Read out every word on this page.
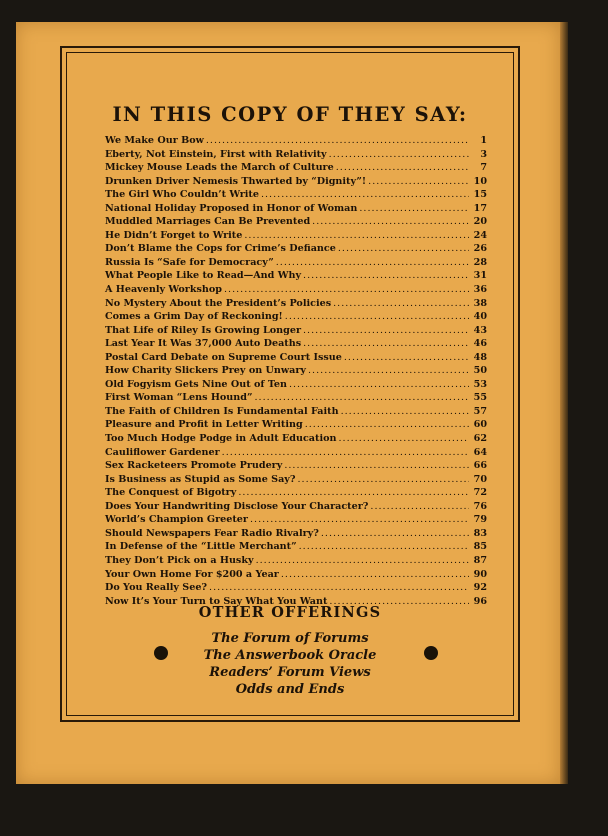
IN THIS COPY OF THEY SAY:
We Make Our Bow .....	1
Eberty, Not Einstein, First with Relativity .....	3
Mickey Mouse Leads the March of Culture .....	7
Drunken Driver Nemesis Thwarted by “Dignity”! .....	10
The Girl Who Couldn’t Write .....	15
National Holiday Proposed in Honor of Woman .....	17
Muddled Marriages Can Be Prevented .....	20
He Didn’t Forget to Write .....	24
Don’t Blame the Cops for Crime’s Defiance .....	26
Russia Is “Safe for Democracy” .....	28
What People Like to Read—And Why .....	31
A Heavenly Workshop .....	36
No Mystery About the President’s Policies .....	38
Comes a Grim Day of Reckoning! .....	40
That Life of Riley Is Growing Longer .....	43
Last Year It Was 37,000 Auto Deaths .....	46
Postal Card Debate on Supreme Court Issue .....	48
How Charity Slickers Prey on Unwary .....	50
Old Fogyism Gets Nine Out of Ten .....	53
First Woman “Lens Hound” .....	55
The Faith of Children Is Fundamental Faith .....	57
Pleasure and Profit in Letter Writing .....	60
Too Much Hodge Podge in Adult Education .....	62
Cauliflower Gardener .....	64
Sex Racketeers Promote Prudery .....	66
Is Business as Stupid as Some Say? .....	70
The Conquest of Bigotry .....	72
Does Your Handwriting Disclose Your Character? .....	76
World’s Champion Greeter .....	79
Should Newspapers Fear Radio Rivalry? .....	83
In Defense of the “Little Merchant” .....	85
They Don’t Pick on a Husky .....	87
Your Own Home For $200 a Year .....	90
Do You Really See? .....	92
Now It’s Your Turn to Say What You Want .....	96
OTHER OFFERINGS
The Forum of Forums
The Answerbook Oracle
Readers’ Forum Views
Odds and Ends
